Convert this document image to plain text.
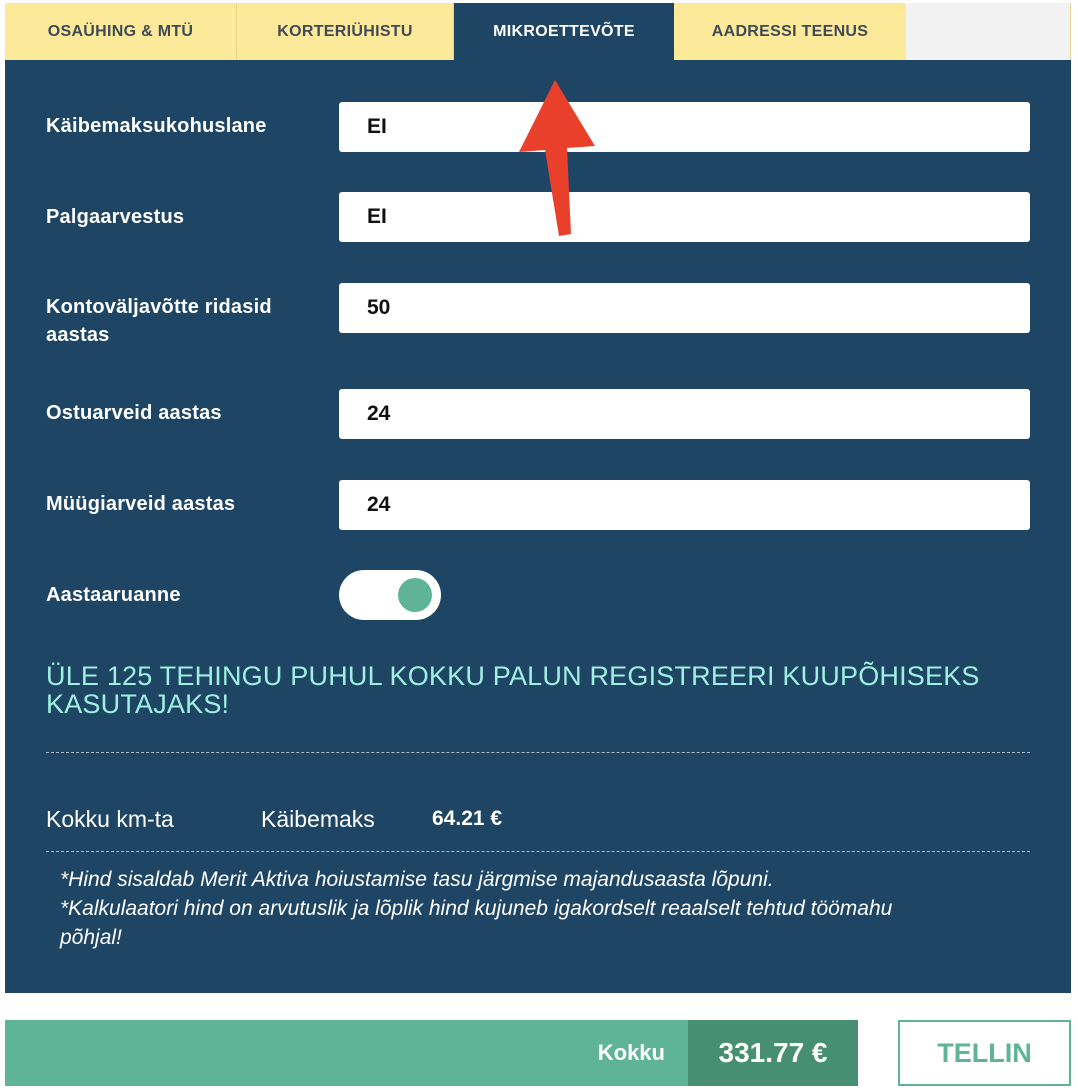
OSAÜHING & MTÜ	KORTERIÜHISTU	MIKROETTEVÕTE	AADRESSI TEENUS
Käibemaksukohuslane	EI
Palgaarvestus	EI
Kontoväljavõtte ridasid
aastas
50
Ostuarveid aastas	24
Müügiarveid aastas	24
Aastaaruanne
ÜLE 125 TEHINGU PUHUL KOKKU PALUN REGISTREERI KUUPÕHISEKS
KASUTAJAKS!
Kokku km-ta	Käibemaks	64.21 €
*Hind sisaldab Merit Aktiva hoiustamise tasu järgmise majandusaasta lõpuni.
*Kalkulaatori hind on arvutuslik ja lõplik hind kujuneb igakordselt reaalselt tehtud töömahu
põhjal!
Kokku	331.77 €	TELLIN
